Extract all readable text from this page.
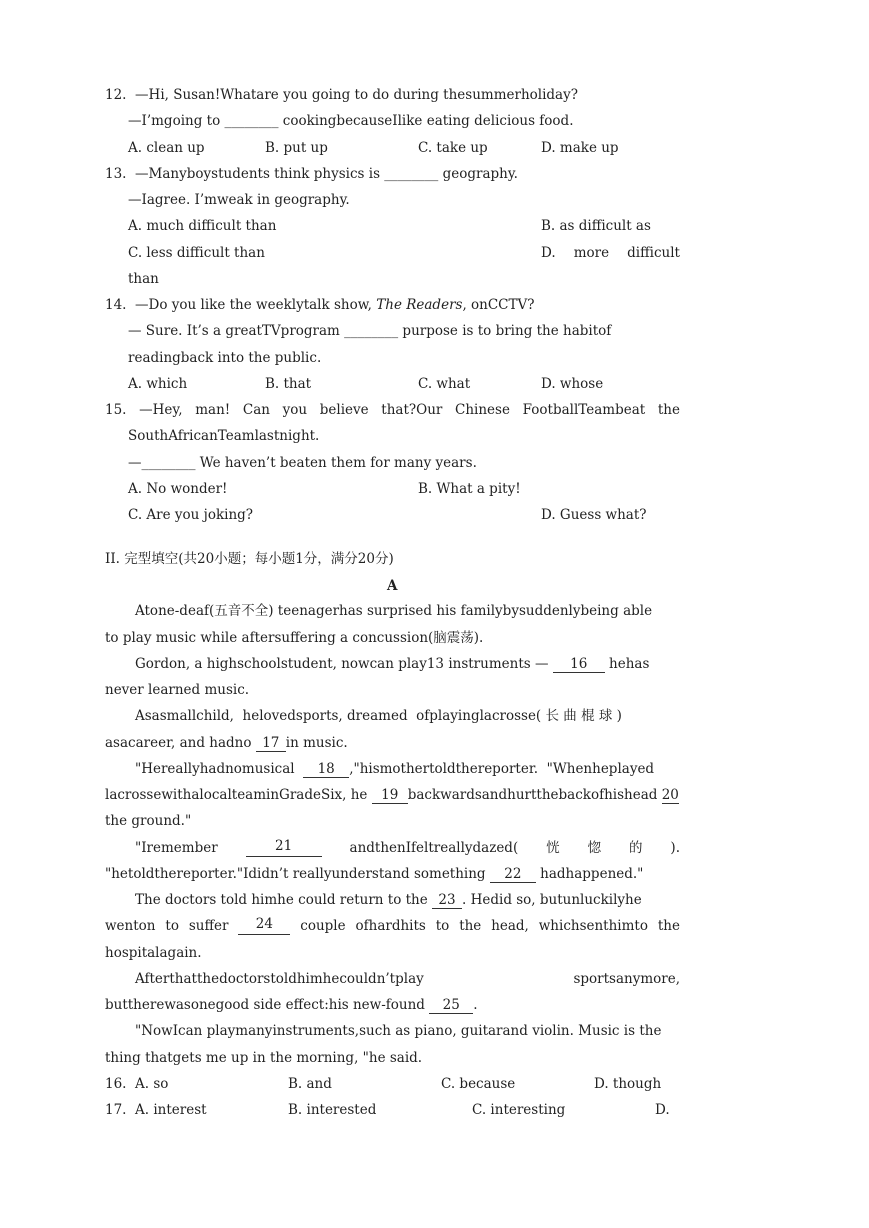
12.  —Hi, Susan!Whatare you going to do during thesummerholiday?
—I’mgoing to ________ cookingbecauseIlike eating delicious food.
A. clean up	B. put up	C. take up	D. make up
13.  —Manyboystudents think physics is ________ geography.
—Iagree. I’mweak in geography.
A. much difficult than	B. as difficult as
C. less difficult than	D. more difficult
than
14.  —Do you like the weeklytalk show, The Readers, onCCTV?
— Sure. It’s a greatTVprogram ________ purpose is to bring the habitof
readingback into the public.
A. which	B. that	C. what	D. whose
15. —Hey, man! Can you believe that?Our Chinese FootballTeambeat the
SouthAfricanTeamlastnight.
—________ We haven’t beaten them for many years.
A. No wonder!	B. What a pity!
C. Are you joking?	D. Guess what?
II. 完型填空(共20小题；每小题1分，满分20分)
A
Atone-deaf(五音不全) teenagerhas surprised his familybysuddenlybeing able
to play music while aftersuffering a concussion(脑震荡).
Gordon, a highschoolstudent, nowcan play13 instruments — 16 hehas
never learned music.
Asasmallchild,  helovedsports, dreamed  ofplayinglacrosse( 长 曲 棍 球 )
asacareer, and hadno 17 in music.
"Hereallyhadnomusical  18 ,"hismothertoldthereporter.  "Whenheplayed
lacrossewithalocalteaminGradeSix, he 19 backwardsandhurtthebackofhishead 20
the ground."
"Iremember	21	andthenIfeltreallydazed( 恍 惚 的 ).
"hetoldthereporter."Ididn’t reallyunderstand something 22 hadhappened."
The doctors told himhe could return to the 23 . Hedid so, butunluckilyhe
wenton to suffer	24	couple ofhardhits to the head, whichsenthimto the
hospitalagain.
Afterthatthedoctorstoldhimhecouldn’tplay	sportsanymore,
buttherewasonegood side effect:his new-found 25 .
"NowIcan playmanyinstruments,such as piano, guitarand violin. Music is the
thing thatgets me up in the morning, "he said.
16. A. so	B. and	C. because	D. though
17. A. interest	B. interested	C. interesting	D.
